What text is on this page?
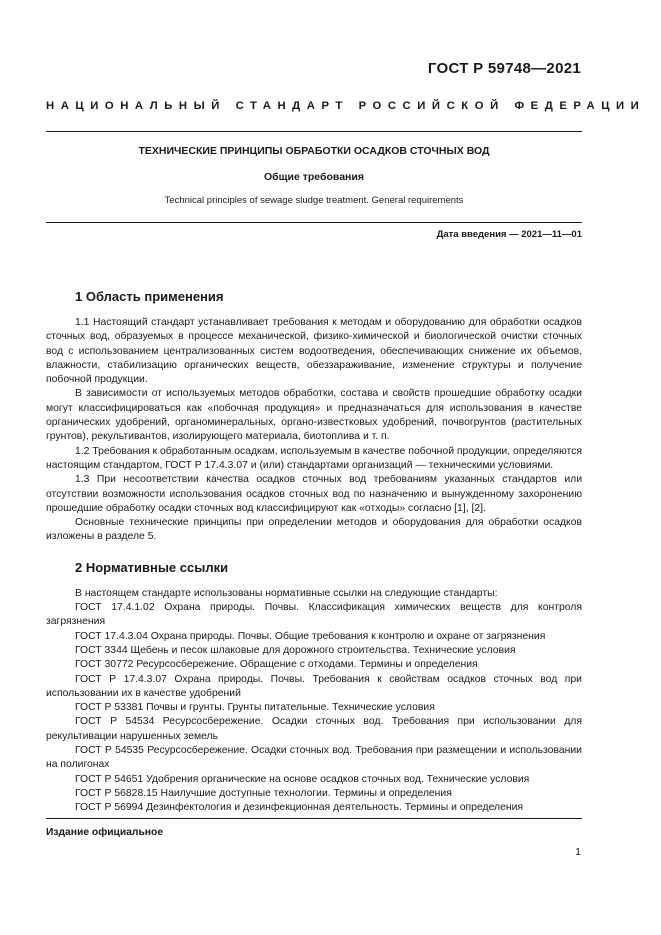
ГОСТ Р 59748—2021
НАЦИОНАЛЬНЫЙ СТАНДАРТ РОССИЙСКОЙ ФЕДЕРАЦИИ
ТЕХНИЧЕСКИЕ ПРИНЦИПЫ ОБРАБОТКИ ОСАДКОВ СТОЧНЫХ ВОД
Общие требования
Technical principles of sewage sludge treatment. General requirements
Дата введения — 2021—11—01
1 Область применения

1.1 Настоящий стандарт устанавливает требования к методам и оборудованию для обработки осадков сточных вод, образуемых в процессе механической, физико-химической и биологической очистки сточных вод с использованием централизованных систем водоотведения, обеспечивающих снижение их объемов, влажности, стабилизацию органических веществ, обеззараживание, изменение структуры и получение побочной продукции.

В зависимости от используемых методов обработки, состава и свойств прошедшие обработку осадки могут классифицироваться как «побочная продукция» и предназначаться для использования в качестве органических удобрений, органоминеральных, органо-известковых удобрений, почвогрунтов (растительных грунтов), рекультивантов, изолирующего материала, биотоплива и т. п.

1.2 Требования к обработанным осадкам, используемым в качестве побочной продукции, определяются настоящим стандартом, ГОСТ Р 17.4.3.07 и (или) стандартами организаций — техническими условиями.

1.3 При несоответствии качества осадков сточных вод требованиям указанных стандартов или отсутствии возможности использования осадков сточных вод по назначению и вынужденному захоронению прошедшие обработку осадки сточных вод классифицируют как «отходы» согласно [1], [2].

Основные технические принципы при определении методов и оборудования для обработки осадков изложены в разделе 5.

2 Нормативные ссылки

В настоящем стандарте использованы нормативные ссылки на следующие стандарты:

ГОСТ 17.4.1.02 Охрана природы. Почвы. Классификация химических веществ для контроля загрязнения

ГОСТ 17.4.3.04 Охрана природы. Почвы. Общие требования к контролю и охране от загрязнения

ГОСТ 3344 Щебень и песок шлаковые для дорожного строительства. Технические условия

ГОСТ 30772 Ресурсосбережение. Обращение с отходами. Термины и определения

ГОСТ Р 17.4.3.07 Охрана природы. Почвы. Требования к свойствам осадков сточных вод при использовании их в качестве удобрений

ГОСТ Р 53381 Почвы и грунты. Грунты питательные. Технические условия

ГОСТ Р 54534 Ресурсосбережение. Осадки сточных вод. Требования при использовании для рекультивации нарушенных земель

ГОСТ Р 54535 Ресурсосбережение. Осадки сточных вод. Требования при размещении и использовании на полигонах

ГОСТ Р 54651 Удобрения органические на основе осадков сточных вод. Технические условия

ГОСТ Р 56828.15 Наилучшие доступные технологии. Термины и определения

ГОСТ Р 56994 Дезинфектология и дезинфекционная деятельность. Термины и определения

Издание официальное
1
